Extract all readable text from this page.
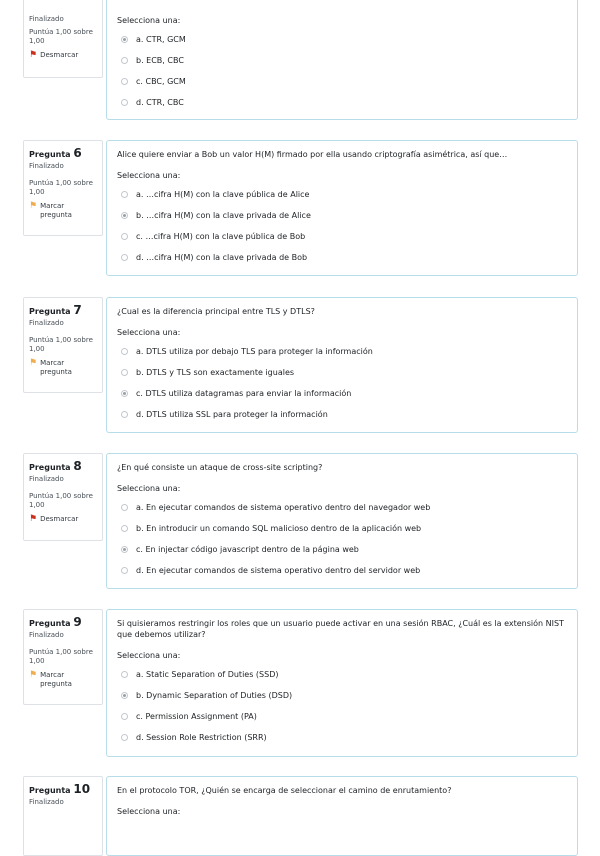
Finalizado
Puntúa 1,00 sobre 1,00
⚑ Desmarcar
Selecciona una:
a. CTR, GCM
b. ECB, CBC
c. CBC, GCM
d. CTR, CBC
Pregunta 6
Finalizado
Puntúa 1,00 sobre 1,00
⚑ Marcar pregunta
Alice quiere enviar a Bob un valor H(M) firmado por ella usando criptografía asimétrica, así que…
Selecciona una:
a. …cifra H(M) con la clave pública de Alice
b. …cifra H(M) con la clave privada de Alice
c. …cifra H(M) con la clave pública de Bob
d. …cifra H(M) con la clave privada de Bob
Pregunta 7
Finalizado
Puntúa 1,00 sobre 1,00
⚑ Marcar pregunta
¿Cual es la diferencia principal entre TLS y DTLS?
Selecciona una:
a. DTLS utiliza por debajo TLS para proteger la información
b. DTLS y TLS son exactamente iguales
c. DTLS utiliza datagramas para enviar la información
d. DTLS utiliza SSL para proteger la información
Pregunta 8
Finalizado
Puntúa 1,00 sobre 1,00
⚑ Desmarcar
¿En qué consiste un ataque de cross-site scripting?
Selecciona una:
a. En ejecutar comandos de sistema operativo dentro del navegador web
b. En introducir un comando SQL malicioso dentro de la aplicación web
c. En injectar código javascript dentro de la página web
d. En ejecutar comandos de sistema operativo dentro del servidor web
Pregunta 9
Finalizado
Puntúa 1,00 sobre 1,00
⚑ Marcar pregunta
Si quisieramos restringir los roles que un usuario puede activar en una sesión RBAC, ¿Cuál es la extensión NIST que debemos utilizar?
Selecciona una:
a. Static Separation of Duties (SSD)
b. Dynamic Separation of Duties (DSD)
c. Permission Assignment (PA)
d. Session Role Restriction (SRR)
Pregunta 10
Finalizado
En el protocolo TOR, ¿Quién se encarga de seleccionar el camino de enrutamiento?
Selecciona una:
